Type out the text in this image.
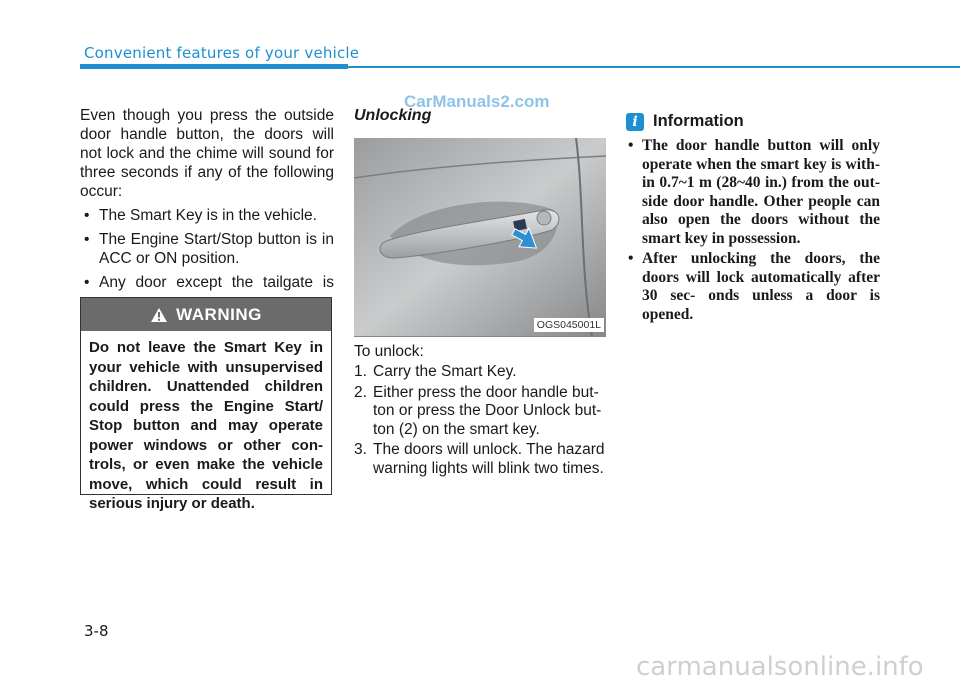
Convenient features of your vehicle
CarManuals2.com

Even though you press the outside door handle button, the doors will not lock and the chime will sound for three seconds if any of the following occur:

• The Smart Key is in the vehicle.
• The Engine Start/Stop button is in ACC or ON position.
• Any door except the tailgate is
WARNING

Do not leave the Smart Key in your vehicle with unsupervised children. Unattended children could press the Engine Start/ Stop button and may operate power windows or other con- trols, or even make the vehicle move, which could result in serious injury or death.

Unlocking

OGS045001L

To unlock:

1. Carry the Smart Key.
2. Either press the door handle but- ton or press the Door Unlock but- ton (2) on the smart key.
3. The doors will unlock. The hazard warning lights will blink two times.
i Information
• The door handle button will only operate when the smart key is with- in 0.7~1 m (28~40 in.) from the out- side door handle. Other people can also open the doors without the smart key in possession.
• After unlocking the doors, the doors will lock automatically after 30 sec- onds unless a door is opened.
3-8
carmanualsonline.info
